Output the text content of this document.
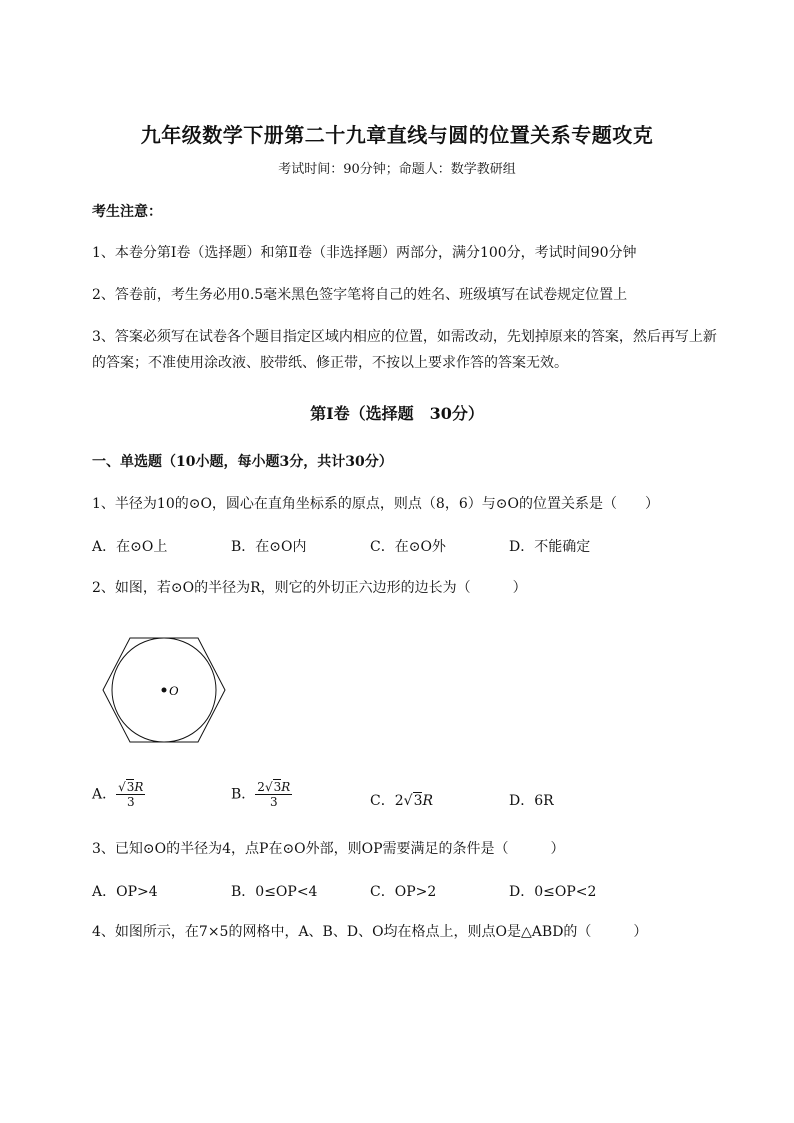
九年级数学下册第二十九章直线与圆的位置关系专题攻克
考试时间：90分钟；命题人：数学教研组
考生注意：
1、本卷分第I卷（选择题）和第Ⅱ卷（非选择题）两部分，满分100分，考试时间90分钟
2、答卷前，考生务必用0.5毫米黑色签字笔将自己的姓名、班级填写在试卷规定位置上
3、答案必须写在试卷各个题目指定区域内相应的位置，如需改动，先划掉原来的答案，然后再写上新
的答案；不准使用涂改液、胶带纸、修正带，不按以上要求作答的答案无效。
第I卷（选择题　30分）
一、单选题（10小题，每小题3分，共计30分）
1、半径为10的⊙O，圆心在直角坐标系的原点，则点（8，6）与⊙O的位置关系是（　　）
A．在⊙O上	B．在⊙O内	C．在⊙O外	D．不能确定
2、如图，若⊙O的半径为R，则它的外切正六边形的边长为（　　　）
O
A． $\frac{√3R}{3}$	B． $\frac{2√3R}{3}$	C．2√3R	D．6R
3、已知⊙O的半径为4，点P在⊙O外部，则OP需要满足的条件是（　　　）
A．OP>4	B．0≤OP<4	C．OP>2	D．0≤OP<2
4、如图所示，在7×5的网格中，A、B、D、O均在格点上，则点O是△ABD的（　　　）
